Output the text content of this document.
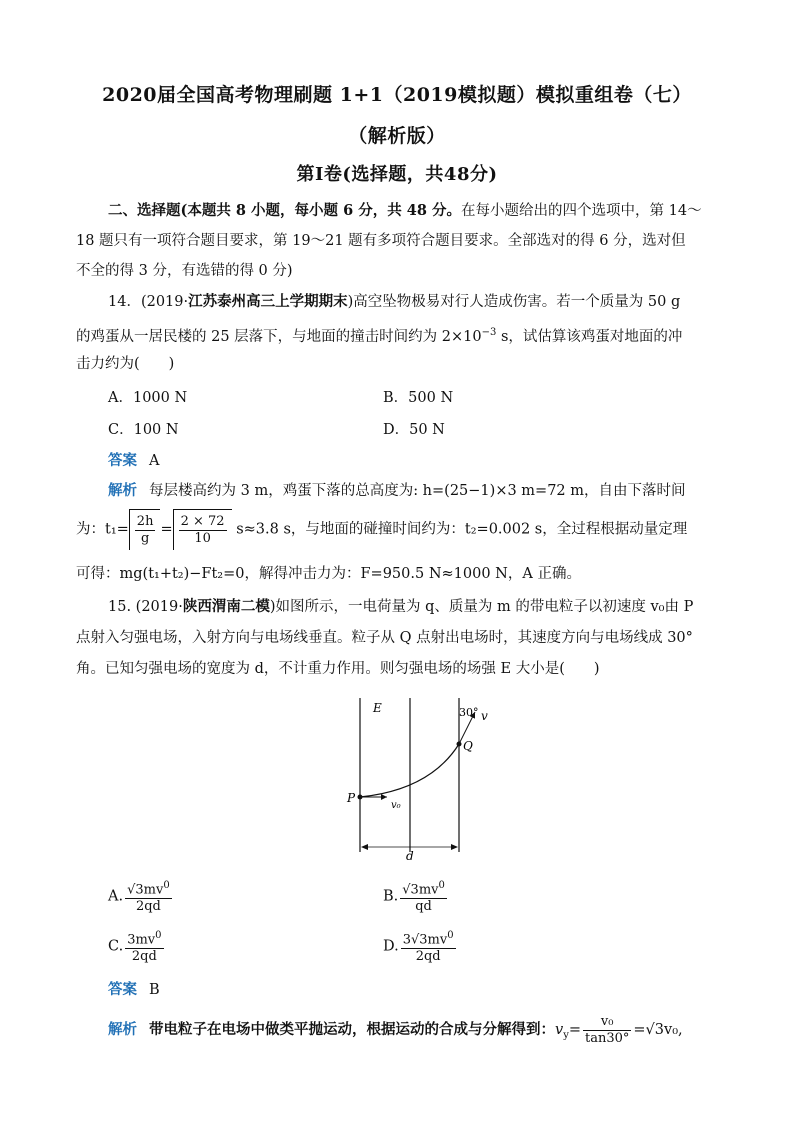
2020届全国高考物理刷题 1+1（2019模拟题）模拟重组卷（七）
（解析版）
第Ⅰ卷(选择题，共48分)
二、选择题(本题共 8 小题，每小题 6 分，共 48 分。在每小题给出的四个选项中，第 14～
18 题只有一项符合题目要求，第 19～21 题有多项符合题目要求。全部选对的得 6 分，选对但
不全的得 3 分，有选错的得 0 分)
14．(2019·江苏泰州高三上学期期末)高空坠物极易对行人造成伤害。若一个质量为 50 g
的鸡蛋从一居民楼的 25 层落下，与地面的撞击时间约为 $2\times 10^{-3}$ s，试估算该鸡蛋对地面的冲
击力约为(　　)
A．1000 N	B．500 N
C．100 N	D．50 N
答案 A
解析 每层楼高约为 3 m，鸡蛋下落的总高度为: h=(25−1)×3 m=72 m，自由下落时间
为：$t_1= \frac{2h}{g} = \frac{2 \times 72}{10} s\approx 3.8$ s，与地面的碰撞时间约为：t₂=0.002 s，全过程根据动量定理
可得：mg(t₁+t₂)−Ft₂=0，解得冲击力为：F=950.5 N≈1000 N，A 正确。
15. (2019·陕西渭南二模)如图所示，一电荷量为 q、质量为 m 的带电粒子以初速度 v₀由 P
点射入匀强电场，入射方向与电场线垂直。粒子从 Q 点射出电场时，其速度方向与电场线成 30°
角。已知匀强电场的宽度为 d，不计重力作用。则匀强电场的场强 E 大小是(　　)
E	30° v
Q
P
v₀
d
A. $\frac{√3mv^0}{2qd}$	B. $\frac{√3mv^0}{qd}$
C. $\frac{3mv^0}{2qd}$	D. $\frac{3√3mv^0}{2qd}$
答案 B
解析 带电粒子在电场中做类平抛运动，根据运动的合成与分解得到：$v_y= \frac{\text{v₀}}{\tan 30^\circ} =√3v_0$,
